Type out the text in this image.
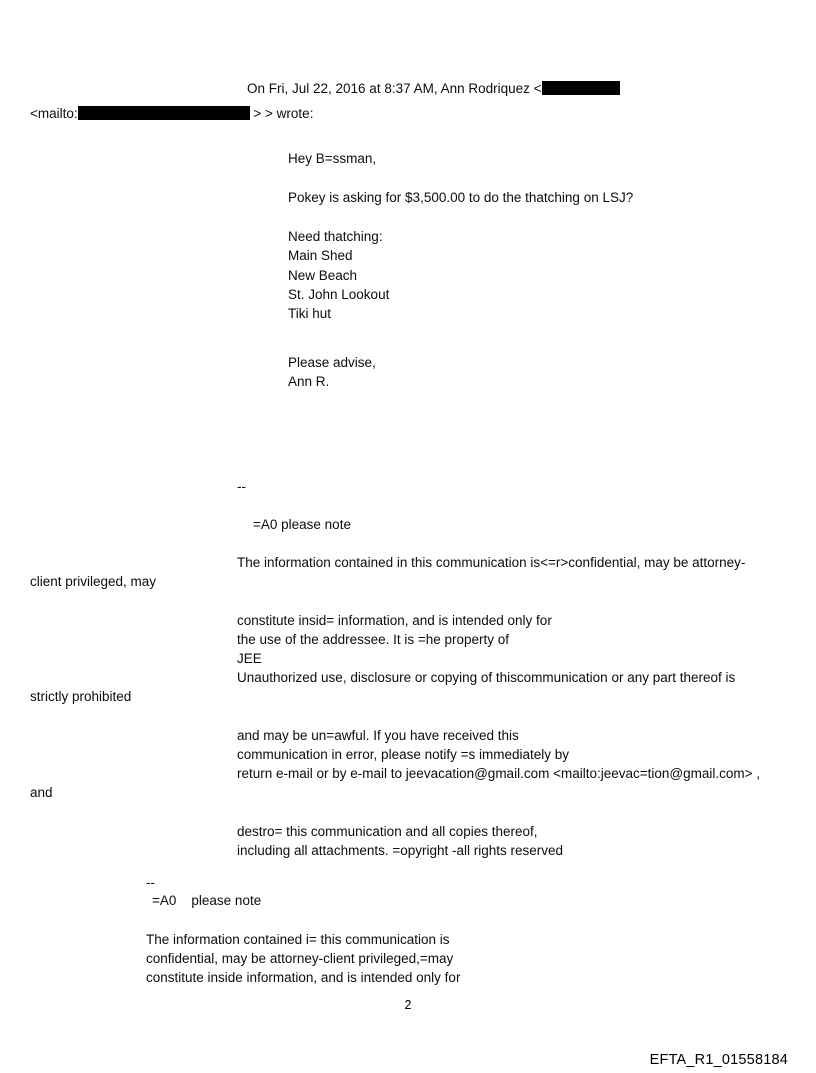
On Fri, Jul 22, 2016 at 8:37 AM, Ann Rodriquez <
<mailto:	> > wrote:
Hey B=ssman,
Pokey is asking for $3,500.00 to do the thatching on LSJ?
Need thatching:
Main Shed
New Beach
St. John Lookout
Tiki hut
Please advise,
Ann R.
--
=A0 please note
The information contained in this communication is<=r>confidential, may be attorney-
client privileged, may
constitute insid= information, and is intended only for
the use of the addressee. It is =he property of
JEE
Unauthorized use, disclosure or copying of thiscommunication or any part thereof is
strictly prohibited
and may be un=awful. If you have received this
communication in error, please notify =s immediately by
return e-mail or by e-mail to jeevacation@gmail.com <mailto:jeevac=tion@gmail.com> ,
and
destro= this communication and all copies thereof,
including all attachments. =opyright -all rights reserved
--
=A0    please note
The information contained i= this communication is
confidential, may be attorney-client privileged,=may
constitute inside information, and is intended only for
2
EFTA_R1_01558184
